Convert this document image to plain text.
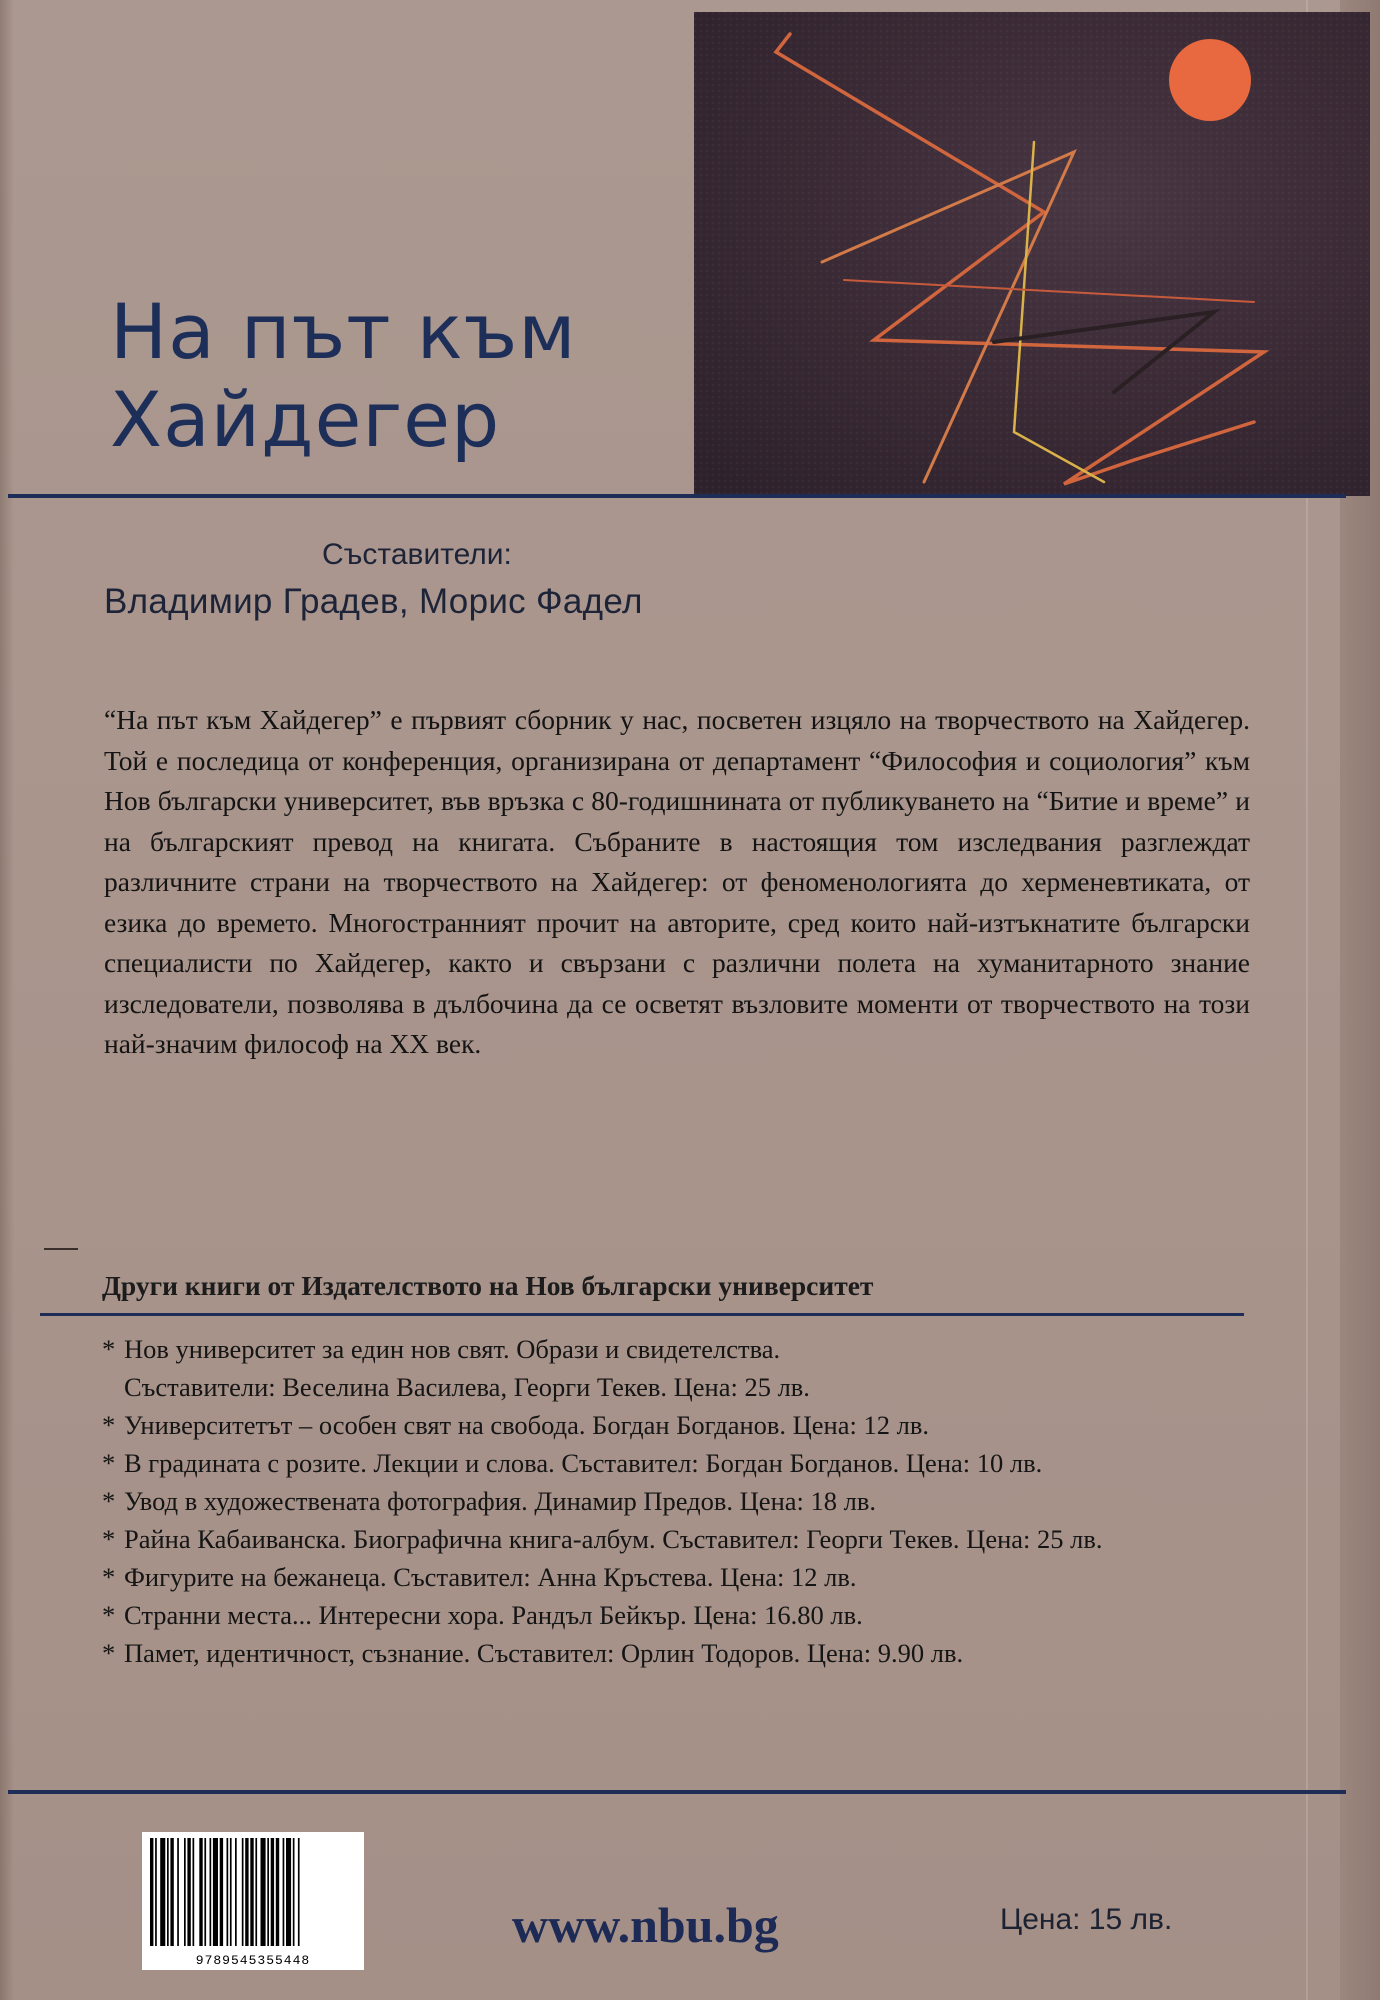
На път към
Хайдегер
Съставители:
Владимир Градев, Морис Фадел
“На път към Хайдегер” е първият сборник у нас, посветен изцяло на творчеството на Хайдегер. Той е последица от конференция, организирана от департамент “Философия и социология” към Нов български университет, във връзка с 80-годишнината от публикуването на “Битие и време” и на българският превод на книгата. Събраните в настоящия том изследвания разглеждат различните страни на творчеството на Хайдегер: от феноменологията до херменевтиката, от езика до времето. Многостранният прочит на авторите, сред които най-изтъкнатите български специалисти по Хайдегер, както и свързани с различни полета на хуманитарното знание изследователи, позволява в дълбочина да се осветят възловите моменти от творчеството на този най-значим философ на XX век.
Други книги от Издателството на Нов български университет
* Нов университет за един нов свят. Образи и свидетелства.
Съставители: Веселина Василева, Георги Текев. Цена: 25 лв.
* Университетът – особен свят на свобода. Богдан Богданов. Цена: 12 лв.
* В градината с розите. Лекции и слова. Съставител: Богдан Богданов. Цена: 10 лв.
* Увод в художествената фотография. Динамир Предов. Цена: 18 лв.
* Райна Кабаиванска. Биографична книга-албум. Съставител: Георги Текев. Цена: 25 лв.
* Фигурите на бежанеца. Съставител: Анна Кръстева. Цена: 12 лв.
* Странни места... Интересни хора. Рандъл Бейкър. Цена: 16.80 лв.
* Памет, идентичност, съзнание. Съставител: Орлин Тодоров. Цена: 9.90 лв.
9789545355448
www.nbu.bg	Цена: 15 лв.
